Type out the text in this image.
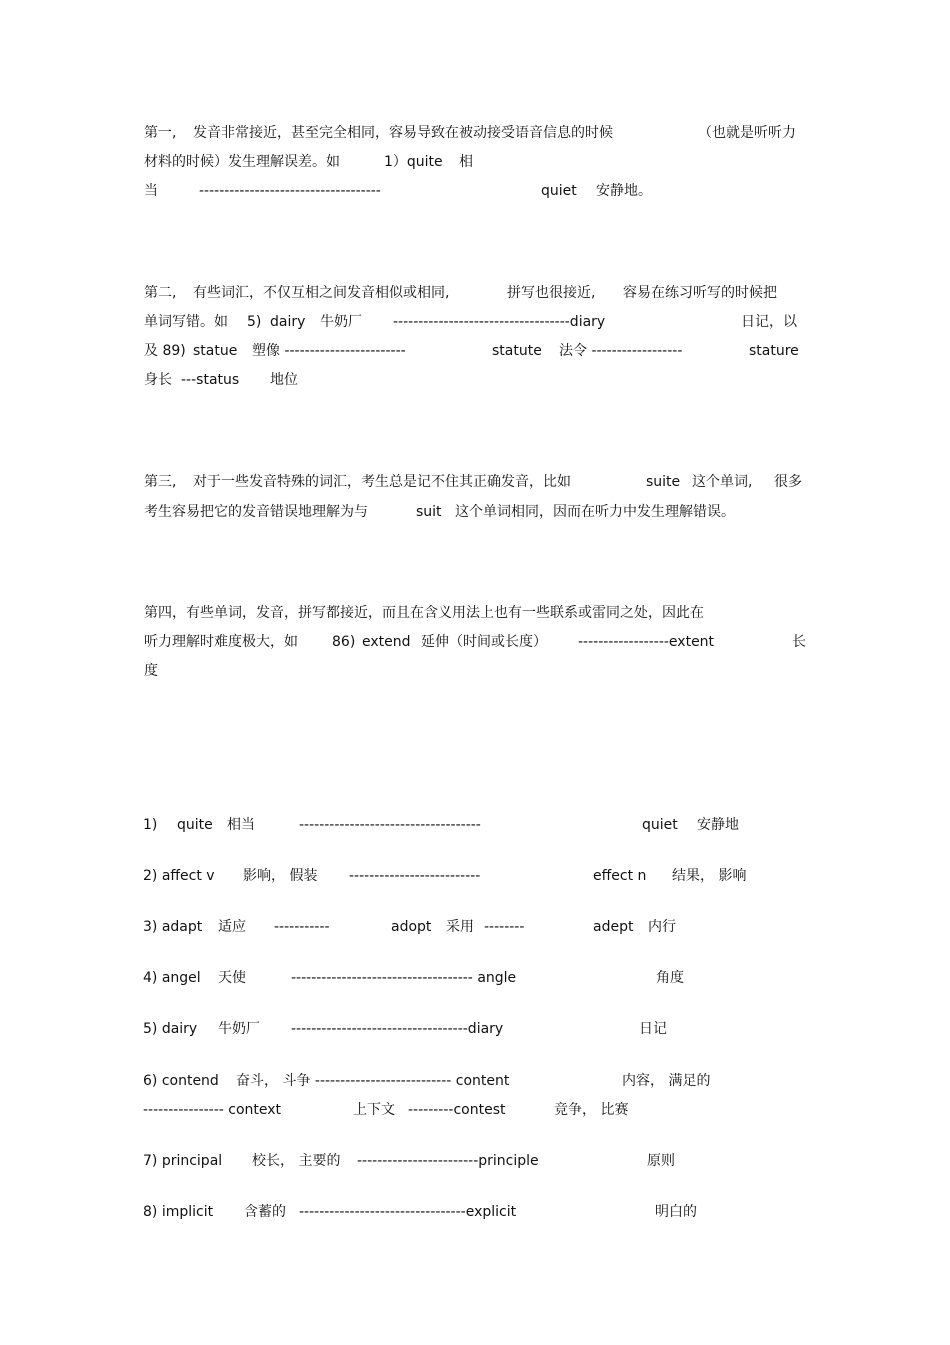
第一, 发音非常接近，甚至完全相同，容易导致在被动接受语音信息的时候	（也就是听听力
材料的时候）发生理解误差。如	1）quite 相
当	------------------------------------	quiet 安静地。
第二, 有些词汇，不仅互相之间发音相似或相同,	拼写也很接近, 容易在练习听写的时候把
单词写错。如 5) dairy 牛奶厂 -----------------------------------diary	日记，以
及 89) statue 塑像 ------------------------	statute 法令 ------------------	stature
身长 ---status 地位
第三, 对于一些发音特殊的词汇，考生总是记不住其正确发音，比如	suite 这个单词, 很多
考生容易把它的发音错误地理解为与	suit 这个单词相同，因而在听力中发生理解错误。
第四，有些单词，发音，拼写都接近，而且在含义用法上也有一些联系或雷同之处，因此在
听力理解时难度极大，如 86) extend 延伸（时间或长度） ------------------extent	长
度
1) quite 相当	------------------------------------	quiet 安静地
2) affect v 影响， 假装 --------------------------	effect n 结果， 影响
3) adapt 适应 -----------	adopt 采用 --------	adept 内行
4) angel 天使	------------------------------------ angle	角度
5) dairy 牛奶厂 -----------------------------------diary	日记
6) contend 奋斗， 斗争 --------------------------- content	内容， 满足的
---------------- context	上下文 ---------contest	竞争， 比赛
7) principal 校长， 主要的 ------------------------principle	原则
8) implicit 含蓄的 ---------------------------------explicit	明白的
